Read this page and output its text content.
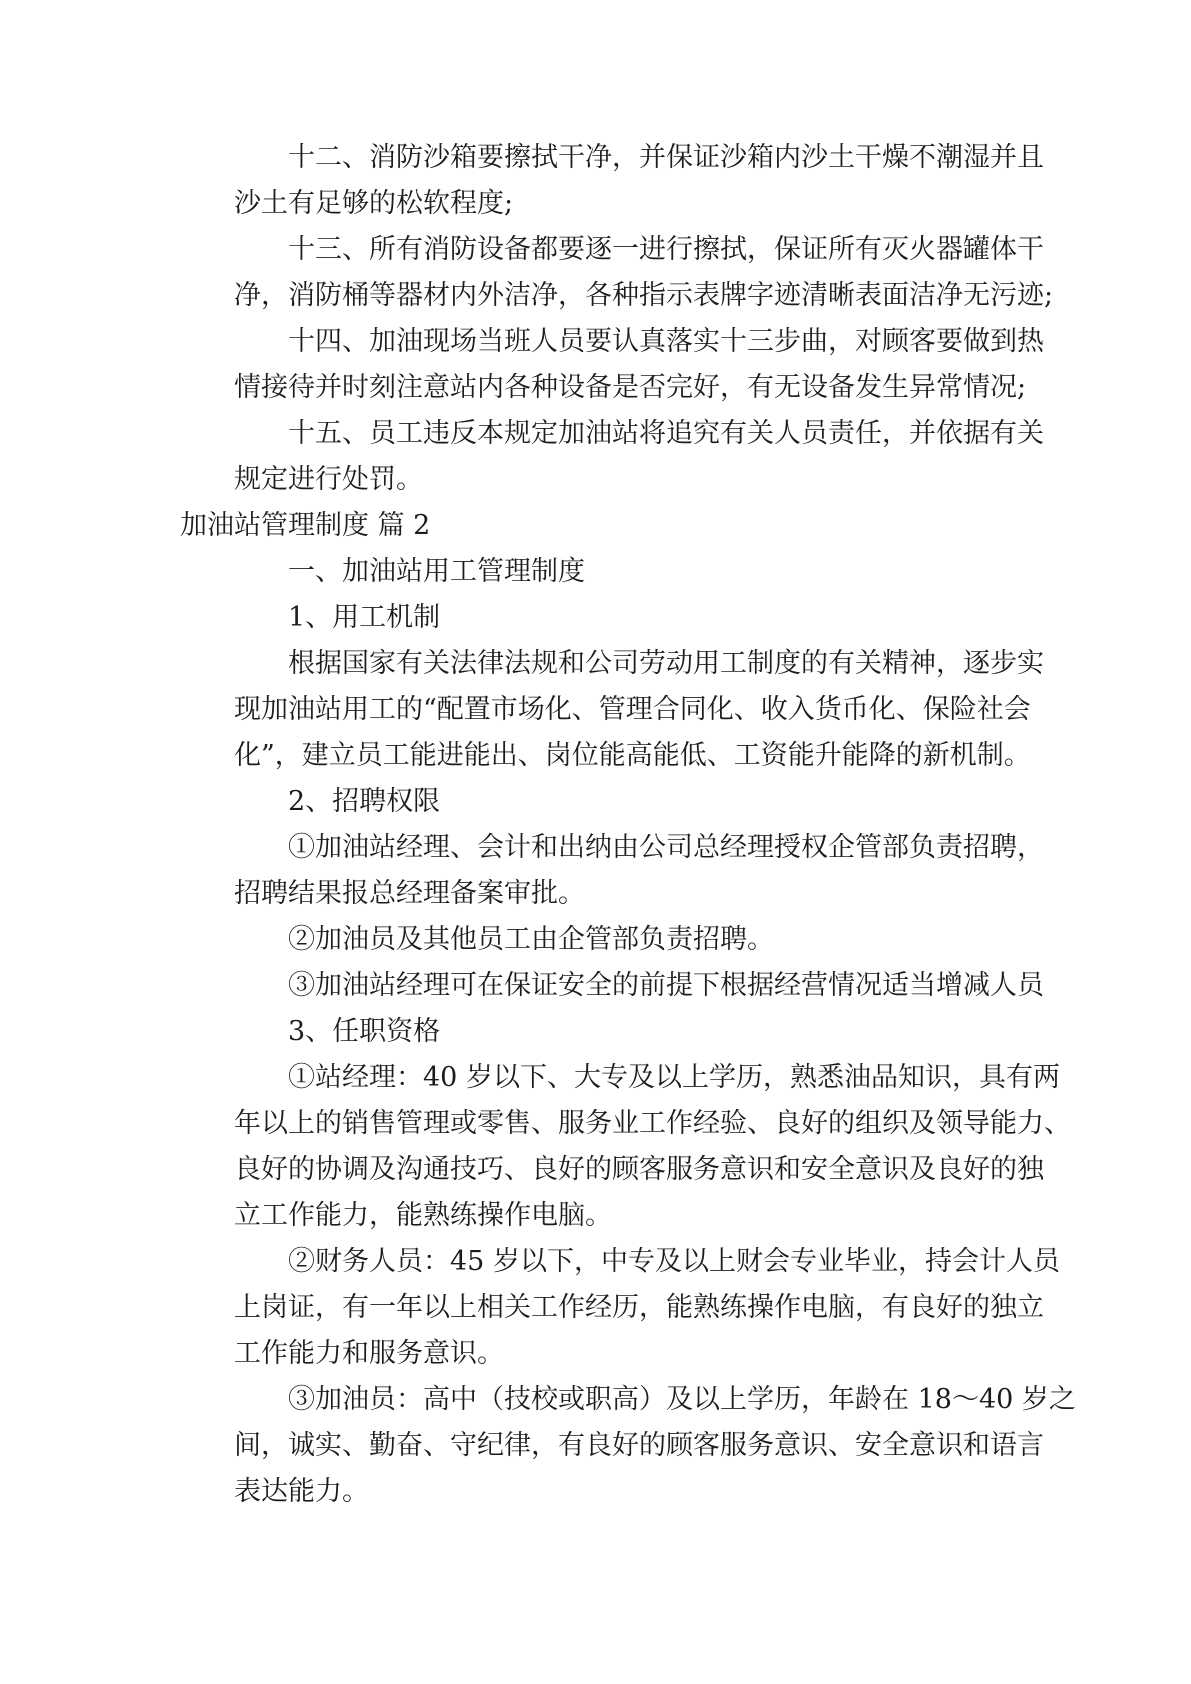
十二、消防沙箱要擦拭干净，并保证沙箱内沙土干燥不潮湿并且
沙土有足够的松软程度;
十三、所有消防设备都要逐一进行擦拭，保证所有灭火器罐体干
净，消防桶等器材内外洁净，各种指示表牌字迹清晰表面洁净无污迹;
十四、加油现场当班人员要认真落实十三步曲，对顾客要做到热
情接待并时刻注意站内各种设备是否完好，有无设备发生异常情况;
十五、员工违反本规定加油站将追究有关人员责任，并依据有关
规定进行处罚。
加油站管理制度 篇 2
一、加油站用工管理制度
1、用工机制
根据国家有关法律法规和公司劳动用工制度的有关精神，逐步实
现加油站用工的“配置市场化、管理合同化、收入货币化、保险社会
化”，建立员工能进能出、岗位能高能低、工资能升能降的新机制。
2、招聘权限
①加油站经理、会计和出纳由公司总经理授权企管部负责招聘，
招聘结果报总经理备案审批。
②加油员及其他员工由企管部负责招聘。
③加油站经理可在保证安全的前提下根据经营情况适当增减人员
3、任职资格
①站经理：40 岁以下、大专及以上学历，熟悉油品知识，具有两
年以上的销售管理或零售、服务业工作经验、良好的组织及领导能力、
良好的协调及沟通技巧、良好的顾客服务意识和安全意识及良好的独
立工作能力，能熟练操作电脑。
②财务人员：45 岁以下，中专及以上财会专业毕业，持会计人员
上岗证，有一年以上相关工作经历，能熟练操作电脑，有良好的独立
工作能力和服务意识。
③加油员：高中（技校或职高）及以上学历，年龄在 18～40 岁之
间，诚实、勤奋、守纪律，有良好的顾客服务意识、安全意识和语言
表达能力。
